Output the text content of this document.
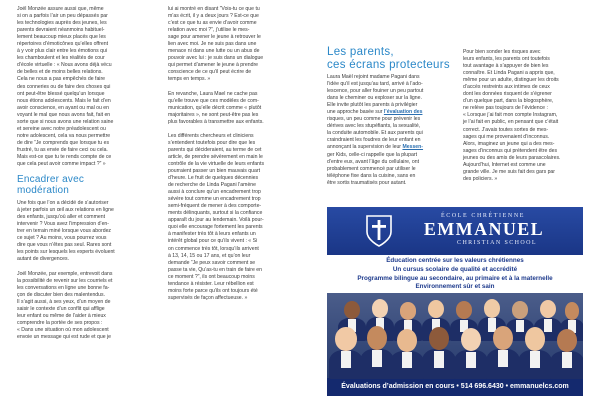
Joël Monzée assure aussi que, même

si on a parfois l’air un peu dépassés par

les technologies auprès des jeunes, les

parents devraient néanmoins habituel-

lement beaucoup mieux placés que les

répertoires d’émoticônes qu’elles offrent

à y voir plus clair entre les émotions qui

les chamboulent et les réalités de cour

d’école virtuelle : « Nous avons déjà vécu

de belles et de moins belles relations.

Cela ne nous a pas empêchés de faire

des conneries ou de faire des choses qui

ont peut-être blessé quelqu’un lorsque

nous étions adolescents. Mais le fait d’en

avoir conscience, en ayant ou mal ou en

voyant le mal que nous avons fait, fait en

sorte que si nous avons une relation saine

et sereine avec notre préadolescent ou

notre adolescent, cela va nous permettre

de dire “Je comprends que lorsque tu es

frustré, tu as envie de faire ceci ou cela.

Mais est-ce que tu te rends compte de ce

que cela peut avoir comme impact ?” »

Encadrer avec
modération

Une fois que l’on a décidé de s’autoriser

à jeter parfois un œil aux relations en ligne

des enfants, jusqu’où aller et comment

intervenir ? Vous avez l’impression d’en-

trer en terrain miné lorsque vous abordez

ce sujet ? Au moins, vous pourrez vous

dire que vous n’êtes pas seul. Rares sont

les points sur lesquels les experts évoluent

autant de divergences.

Joël Monzée, par exemple, entrevoit dans

la possibilité de revenir sur les courriels et

les conversations en ligne une bonne fa-

çon de discuter bien des malentendus.

Il s’agit aussi, à ses yeux, d’un moyen de

saisir le contexte d’un conflit qui afflige

leur enfant ou même de l’aider à mieux

comprendre la portée de ses propos :

« Dans une situation où mon adolescent

envoie un message qui est rude et que je

lui ai montré en disant “Vois-tu ce que tu

m’as écrit, il y a deux jours ? Est-ce que

c’est ce que tu as envie d’avoir comme

relation avec moi ?”, j’utilise le mes-

sage pour amener le jeune à retrouver le

lien avec moi. Je ne suis pas dans une

menace ni dans une lutte ou un abus de

pouvoir avec lui : je suis dans un dialogue

qui permet d’amener le jeune à prendre

conscience de ce qu’il peut écrire de

temps en temps. »

En revanche, Laura Mael ne cache pas

qu’elle trouve que ces modèles de com-

munication, qu’elle décrit comme « plutôt

majoritaires », ne sont peut-être pas les

plus favorables à transmettre aux enfants.

Les différents chercheurs et cliniciens

s’entendent toutefois pour dire que les

parents qui décideraient, au terme de cet

article, de prendre sévèrement en main le

contrôle de la vie virtuelle de leurs enfants

pourraient passer un bien mauvais quart

d’heure. Le fruit de quelques décennies

de recherche de Linda Pagani l’amène

aussi à conclure qu’un encadrement trop

sévère tout comme un encadrement trop

semi-fréquent de mener à des comporte-

ments délinquants, surtout si la confiance

apparaît du jour au lendemain. Voilà pour-

quoi elle encourage fortement les parents

à manifester très tôt à leurs enfants un

intérêt global pour ce qu’ils vivent : « Si

on commence très tôt, lorsqu’ils arrivent

à 13, 14, 15 ou 17 ans, et qu’on leur

demande “Je peux savoir comment se

passe ta vie, Qu’as-tu en train de faire en

ce moment ?”, ils ont beaucoup moins

tendance à résister. Leur rébellion est

moins forte parce qu’ils ont toujours été

supervisés de façon affectueuse. »

Les parents,
ces écrans protecteurs

Laura Maël rejoint madame Pagani dans

l’idée qu’il est jusqu’au tard, arrivé à l’ado-

lescence, pour aller fouiner un peu partout

dans le cheminer ou exploser sur la ligne.

Elle invite plutôt les parents à privilégier

une approche basée sur l’évaluation des

risques, un peu comme pour prévenir les

dérives avec les stupéfiants, la sexualité,

la conduite automobile. Et aux parents qui

craindraient les foudres de leur enfant en

annonçant la supervision de leur Messen-

ger Kids, celle-ci rappelle que la plupart

d’entre eux, avant l’âge du cellulaire, ont

probablement commencé par utiliser le

téléphone fixe dans la cuisine, sans en

être sortis traumatisés pour autant.

Pour bien sonder les risques avec

leurs enfants, les parents ont toutefois

tout avantage à s’appuyer de bien les

connaître. Et Linda Pagani a appris que,

même pour un adulte, distinguer les droits

d’accès restreints aux intimes de ceux

dont les données risquent de s’égrener

d’un quelque part, dans la blogosphère,

ne relève pas toujours de l’évidence :

« Lorsque j’ai fait mon compte Instagram,

je l’ai fait en public, en pensant que c’était

correct. J’avais toutes sortes de mes-

sages qui me provenaient d’inconnus.

Alors, imaginez un jeune qui a des mes-

sages d’inconnus qui prétendent être des

jeunes ou des amis de leurs parascolaires.

Aujourd’hui, Internet est comme une

grande ville. Je me suis fait des gars par

des policiers. »

ÉCOLE CHRÉTIENNE
EMMANUEL
CHRISTIAN SCHOOL

Éducation centrée sur les valeurs chrétiennes

Un cursus scolaire de qualité et accrédité

Programme bilingue au secondaire, au primaire et à la maternelle

Environnement sûr et sain

Évaluations d’admission en cours • 514 696.6430 • emmanuelcs.com
